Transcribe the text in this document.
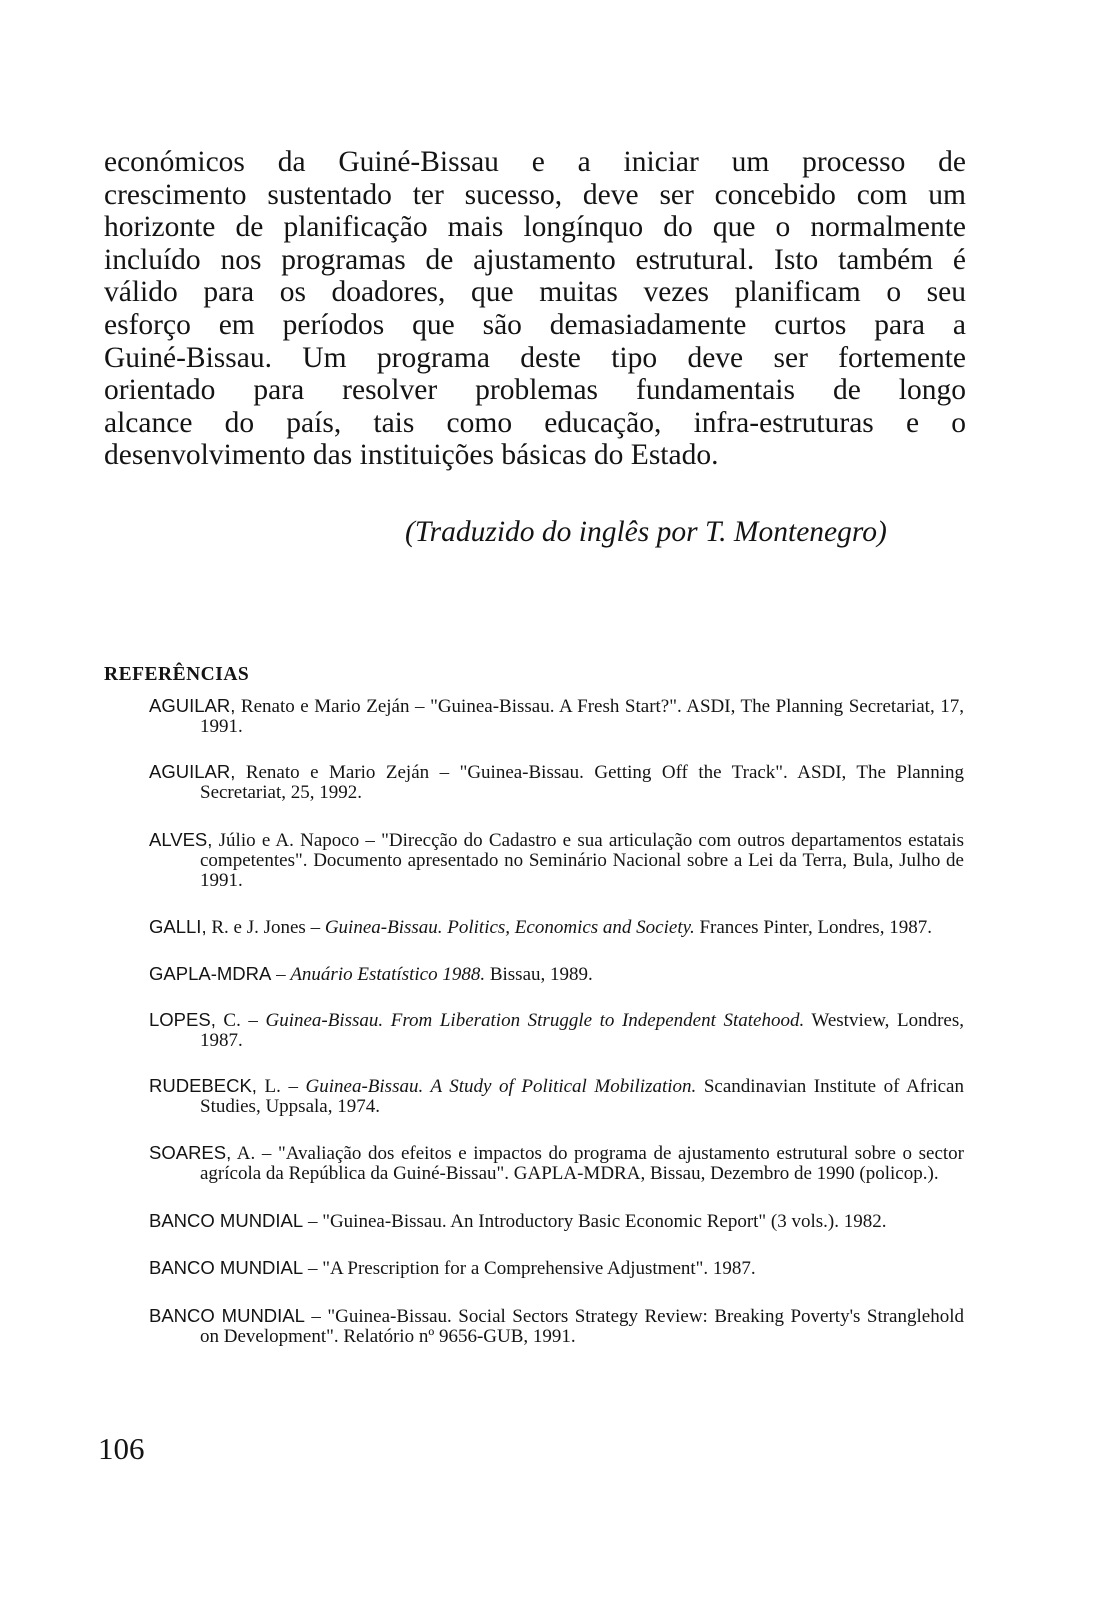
económicos da Guiné-Bissau e a iniciar um processo de
crescimento sustentado ter sucesso, deve ser concebido com um
horizonte de planificação mais longínquo do que o normalmente
incluído nos programas de ajustamento estrutural. Isto também é
válido para os doadores, que muitas vezes planificam o seu
esforço em períodos que são demasiadamente curtos para a
Guiné-Bissau. Um programa deste tipo deve ser fortemente
orientado para resolver problemas fundamentais de longo
alcance do país, tais como educação, infra-estruturas e o
desenvolvimento das instituições básicas do Estado.

(Traduzido do inglês por T. Montenegro)
REFERÊNCIAS
AGUILAR, Renato e Mario Zeján – "Guinea-Bissau. A Fresh Start?". ASDI, The Planning Secretariat, 17, 1991.
AGUILAR, Renato e Mario Zeján – "Guinea-Bissau. Getting Off the Track". ASDI, The Planning Secretariat, 25, 1992.
ALVES, Júlio e A. Napoco – "Direcção do Cadastro e sua articulação com outros departamentos estatais competentes". Documento apresentado no Seminário Nacional sobre a Lei da Terra, Bula, Julho de 1991.
GALLI, R. e J. Jones – Guinea-Bissau. Politics, Economics and Society. Frances Pinter, Londres, 1987.
GAPLA-MDRA – Anuário Estatístico 1988. Bissau, 1989.
LOPES, C. – Guinea-Bissau. From Liberation Struggle to Independent Statehood. Westview, Londres, 1987.
RUDEBECK, L. – Guinea-Bissau. A Study of Political Mobilization. Scandinavian Institute of African Studies, Uppsala, 1974.
SOARES, A. – "Avaliação dos efeitos e impactos do programa de ajustamento estrutural sobre o sector agrícola da República da Guiné-Bissau". GAPLA-MDRA, Bissau, Dezembro de 1990 (policop.).
BANCO MUNDIAL – "Guinea-Bissau. An Introductory Basic Economic Report" (3 vols.). 1982.
BANCO MUNDIAL – "A Prescription for a Comprehensive Adjustment". 1987.
BANCO MUNDIAL – "Guinea-Bissau. Social Sectors Strategy Review: Breaking Poverty's Stranglehold on Development". Relatório nº 9656-GUB, 1991.
106
